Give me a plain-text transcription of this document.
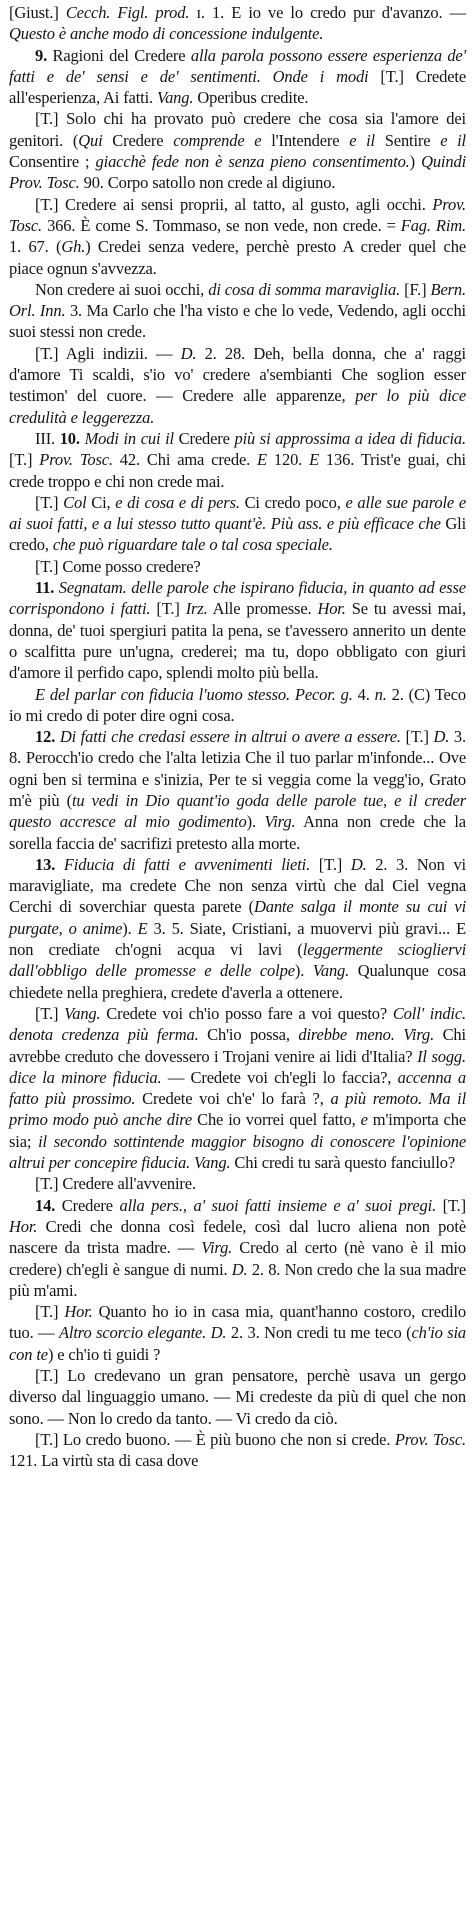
[Giust.] Cecch. Figl. prod. ɪ. 1. E io ve lo credo pur d'avanzo. — Questo è anche modo di concessione indulgente.

9. Ragioni del Credere alla parola possono essere esperienza de' fatti e de' sensi e de' sentimenti. Onde i modi [T.] Credete all'esperienza, Ai fatti. Vang. Operibus credite.

[T.] Solo chi ha provato può credere che cosa sia l'amore dei genitori. (Qui Credere comprende e l'Intendere e il Sentire e il Consentire ; giacchè fede non è senza pieno consentimento.) Quindi Prov. Tosc. 90. Corpo satollo non crede al digiuno.

[T.] Credere ai sensi proprii, al tatto, al gusto, agli occhi. Prov. Tosc. 366. È come S. Tommaso, se non vede, non crede. = Fag. Rim. 1. 67. (Gh.) Credei senza vedere, perchè presto A creder quel che piace ognun s'avvezza.

Non credere ai suoi occhi, di cosa di somma maraviglia. [F.] Bern. Orl. Inn. 3. Ma Carlo che l'ha visto e che lo vede, Vedendo, agli occhi suoi stessi non crede.

[T.] Agli indizii. — D. 2. 28. Deh, bella donna, che a' raggi d'amore Ti scaldi, s'io vo' credere a'sembianti Che soglion esser testimon' del cuore. — Credere alle apparenze, per lo più dice credulità e leggerezza.

III. 10. Modi in cui il Credere più si approssima a idea di fiducia. [T.] Prov. Tosc. 42. Chi ama crede. E 120. E 136. Trist'e guai, chi crede troppo e chi non crede mai.

[T.] Col Ci, e di cosa e di pers. Ci credo poco, e alle sue parole e ai suoi fatti, e a lui stesso tutto quant'è. Più ass. e più efficace che Gli credo, che può riguardare tale o tal cosa speciale.

[T.] Come posso credere?

11. Segnatam. delle parole che ispirano fiducia, in quanto ad esse corrispondono i fatti. [T.] Irz. Alle promesse. Hor. Se tu avessi mai, donna, de' tuoi spergiuri patita la pena, se t'avessero annerito un dente o scalfitta pure un'ugna, crederei; ma tu, dopo obbligato con giuri d'amore il perfido capo, splendi molto più bella.

E del parlar con fiducia l'uomo stesso. Pecor. g. 4. n. 2. (C) Teco io mi credo di poter dire ogni cosa.

12. Di fatti che credasi essere in altrui o avere a essere. [T.] D. 3. 8. Perocch'io credo che l'alta letizia Che il tuo parlar m'infonde... Ove ogni ben si termina e s'inizia, Per te si veggia come la vegg'io, Grato m'è più (tu vedi in Dio quant'io goda delle parole tue, e il creder questo accresce al mio godimento). Virg. Anna non crede che la sorella faccia de' sacrifizi pretesto alla morte.

13. Fiducia di fatti e avvenimenti lieti. [T.] D. 2. 3. Non vi maravigliate, ma credete Che non senza virtù che dal Ciel vegna Cerchi di soverchiar questa parete (Dante salga il monte su cui vi purgate, o anime). E 3. 5. Siate, Cristiani, a muovervi più gravi... E non crediate ch'ogni acqua vi lavi (leggermente sciogliervi dall'obbligo delle promesse e delle colpe). Vang. Qualunque cosa chiedete nella preghiera, credete d'averla a ottenere.

[T.] Vang. Credete voi ch'io posso fare a voi questo? Coll' indic. denota credenza più ferma. Ch'io possa, direbbe meno. Virg. Chi avrebbe creduto che dovessero i Trojani venire ai lidi d'Italia? Il sogg. dice la minore fiducia. — Credete voi ch'egli lo faccia?, accenna a fatto più prossimo. Credete voi ch'e' lo farà ?, a più remoto. Ma il primo modo può anche dire Che io vorrei quel fatto, e m'importa che sia; il secondo sottintende maggior bisogno di conoscere l'opinione altrui per concepire fiducia. Vang. Chi credi tu sarà questo fanciullo?

[T.] Credere all'avvenire.

14. Credere alla pers., a' suoi fatti insieme e a' suoi pregi. [T.] Hor. Credi che donna così fedele, così dal lucro aliena non potè nascere da trista madre. — Virg. Credo al certo (nè vano è il mio credere) ch'egli è sangue di numi. D. 2. 8. Non credo che la sua madre più m'ami.

[T.] Hor. Quanto ho io in casa mia, quant'hanno costoro, credilo tuo. — Altro scorcio elegante. D. 2. 3. Non credi tu me teco (ch'io sia con te) e ch'io ti guidi ?

[T.] Lo credevano un gran pensatore, perchè usava un gergo diverso dal linguaggio umano. — Mi credeste da più di quel che non sono. — Non lo credo da tanto. — Vi credo da ciò.

[T.] Lo credo buono. — È più buono che non si crede. Prov. Tosc. 121. La virtù sta di casa dove
